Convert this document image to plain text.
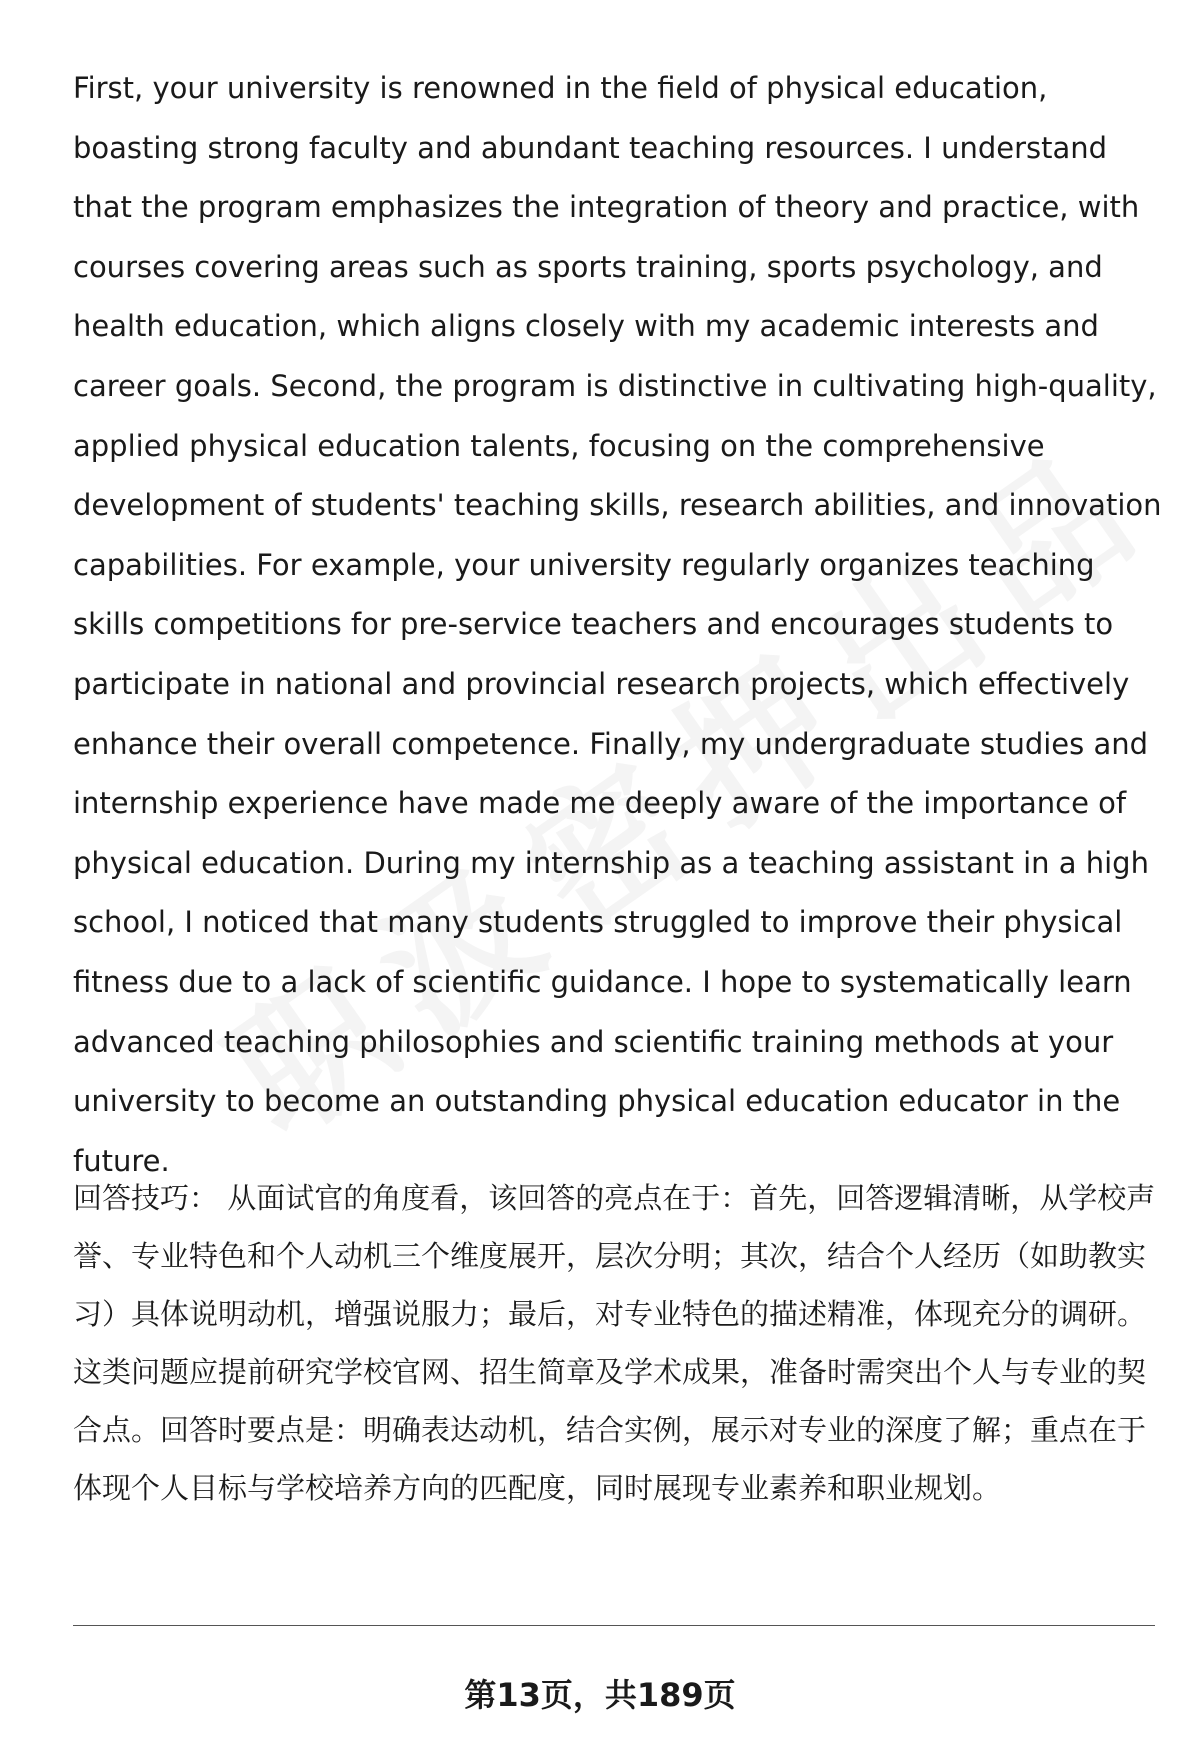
First, your university is renowned in the field of physical education, boasting strong faculty and abundant teaching resources. I understand that the program emphasizes the integration of theory and practice, with courses covering areas such as sports training, sports psychology, and health education, which aligns closely with my academic interests and career goals. Second, the program is distinctive in cultivating high-quality, applied physical education talents, focusing on the comprehensive development of students' teaching skills, research abilities, and innovation capabilities. For example, your university regularly organizes teaching skills competitions for pre-service teachers and encourages students to participate in national and provincial research projects, which effectively enhance their overall competence. Finally, my undergraduate studies and internship experience have made me deeply aware of the importance of physical education. During my internship as a teaching assistant in a high school, I noticed that many students struggled to improve their physical fitness due to a lack of scientific guidance. I hope to systematically learn advanced teaching philosophies and scientific training methods at your university to become an outstanding physical education educator in the future.

回答技巧： 从面试官的角度看，该回答的亮点在于：首先，回答逻辑清晰，从学校声誉、专业特色和个人动机三个维度展开，层次分明；其次，结合个人经历（如助教实习）具体说明动机，增强说服力；最后，对专业特色的描述精准，体现充分的调研。这类问题应提前研究学校官网、招生简章及学术成果，准备时需突出个人与专业的契合点。回答时要点是：明确表达动机，结合实例，展示对专业的深度了解；重点在于体现个人目标与学校培养方向的匹配度，同时展现专业素养和职业规划。

第13页，共189页
